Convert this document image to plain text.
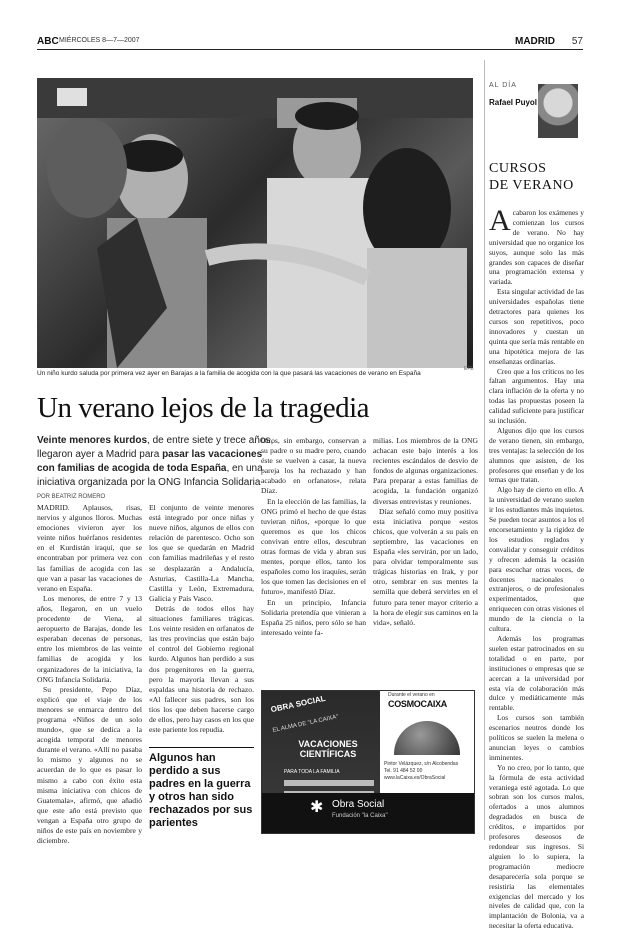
ABC MIÉRCOLES 8—7—2007	MADRID 57
Un niño kurdo saluda por primera vez ayer en Barajas a la familia de acogida con la que pasará las vacaciones de verano en España
EFE
Un verano lejos de la tragedia
Veinte menores kurdos, de entre siete y trece años, llegaron ayer a Madrid para pasar las vacaciones con familias de acogida de toda España, en una iniciativa organizada por la ONG Infancia Solidaria
POR BEATRIZ ROMERO

MADRID. Aplausos, risas, nervios y algunos lloros. Muchas emociones vivieron ayer los veinte niños huérfanos residentes en el Kurdistán iraquí, que se encontraban por primera vez con las familias de acogida con las que van a pasar las vacaciones de verano en España.

Los menores, de entre 7 y 13 años, llegaron, en un vuelo procedente de Viena, al aeropuerto de Barajas, donde les esperaban decenas de personas, entre los miembros de las veinte familias de acogida y los organizadores de la iniciativa, la ONG Infancia Solidaria.

Su presidente, Pepo Díaz, explicó que el viaje de los menores se enmarca dentro del programa «Niños de un solo mundo», que se dedica a la acogida temporal de menores durante el verano. «Allí no pasaba lo mismo y algunos no se acuerdan de lo que es pasar lo mismo a cabo con éxito esta misma iniciativa con chicos de Guatemala», afirmó, que añadió que este año está previsto que vengan a España otro grupo de niños de este país en noviembre y diciembre.

El conjunto de veinte menores está integrado por once niñas y nueve niños, algunos de ellos con relación de parentesco. Ocho son los que se quedarán en Madrid con familias madrileñas y el resto se desplazarán a Andalucía, Asturias, Castilla-La Mancha, Castilla y León, Extremadura, Galicia y País Vasco.

Detrás de todos ellos hay situaciones familiares trágicas. Los veinte residen en orfanatos de las tres provincias que están bajo el control del Gobierno regional kurdo. Algunos han perdido a sus dos progenitores en la guerra, pero la mayoría llevan a sus espaldas una historia de rechazo. «Al fallecer sus padres, son los tíos los que deben hacerse cargo de ellos, pero hay casos en los que este pariente los repudia.

Otros, sin embargo, conservan a su padre o su madre pero, cuando éste se vuelven a casar, la nueva pareja los ha rechazado y han acabado en orfanatos», relata Díaz.

En la elección de las familias, la ONG primó el hecho de que éstas tuvieran niños, «porque lo que queremos es que los chicos convivan entre ellos, descubran otras formas de vida y abran sus mentes, porque ellos, tanto los españoles como los iraquíes, serán los que tomen las decisiones en el futuro», manifestó Díaz.

En un principio, Infancia Solidaria pretendía que vinieran a España 25 niños, pero sólo se han interesado veinte fa-

milias. Los miembros de la ONG achacan este bajo interés a los recientes escándalos de desvío de fondos de algunas organizaciones. Para preparar a estas familias de acogida, la fundación organizó diversas entrevistas y reuniones.

Díaz señaló como muy positiva esta iniciativa porque «estos chicos, que volverán a su país en septiembre, las vacaciones en España «les servirán, por un lado, para olvidar temporalmente sus trágicas historias en Irak, y por otro, sembrar en sus mentes la semilla que deberá servirles en el futuro para tener mayor criterio a la hora de elegir sus caminos en la vida», señaló.

Algunos han perdido a sus padres en la guerra y otros han sido rechazados por sus parientes
OBRA SOCIAL
EL ALMA DE "LA CAIXA"
VACACIONES CIENTÍFICAS
PARA TODA LA FAMILIA
Durante el verano en
COSMOCAIXA
Pintor Velázquez, s/n Alcobendas
Tel. 91 484 52 00
www.laCaixa.es/ObraSocial
✱ Obra Social
Fundación "la Caixa"
AL DÍA
Rafael Puyol
CURSOS
DE VERANO
A cabaron los exámenes y comienzan los cursos de verano. No hay universidad que no organice los suyos, aunque solo las más grandes son capaces de diseñar una programación extensa y variada.

Esta singular actividad de las universidades españolas tiene detractores para quienes los cursos son repetitivos, poco innovadores y cuestan un quinta que sería más rentable en una hipotética mejora de las enseñanzas ordinarias.

Creo que a los críticos no les faltan argumentos. Hay una clara inflación de la oferta y no todas las propuestas poseen la calidad suficiente para justificar su inclusión.

Algunos dijo que los cursos de verano tienen, sin embargo, tres ventajas: la selección de los alumnos que asisten, de los profesores que enseñan y de los temas que tratan.

Algo hay de cierto en ello. A la universidad de verano suelen ir los estudiantes más inquietos. Se pueden tocar asuntos a los el encorsetamiento y la rigidez de los estudios reglados y convalidar y conseguir créditos y ofrecen además la ocasión para escuchar otras voces, de docentes nacionales o extranjeros, o de profesionales experimentados, que enriquecen con otras visiones el mundo de la ciencia o la cultura.

Además los programas suelen estar patrocinados en su totalidad o en parte, por instituciones o empresas que se acercan a la universidad por esta vía de colaboración más dulce y mediáticamente más rentable.

Los cursos son también escenarios neutros donde los políticos se suelen la melena o anuncian leyes o cambios inminentes.

Yo no creo, por lo tanto, que la fórmula de esta actividad veraniega esté agotada. Lo que sobran son los cursos malos, ofertados a unos alumnos degradados en busca de créditos, e impartidos por profesores deseosos de redondear sus ingresos. Si alguien lo lo supiera, la programación mediocre desaparecería sola porque se resistiría las elementales exigencias del mercado y los niveles de calidad que, con la implantación de Bolonia, va a necesitar la oferta educativa.
